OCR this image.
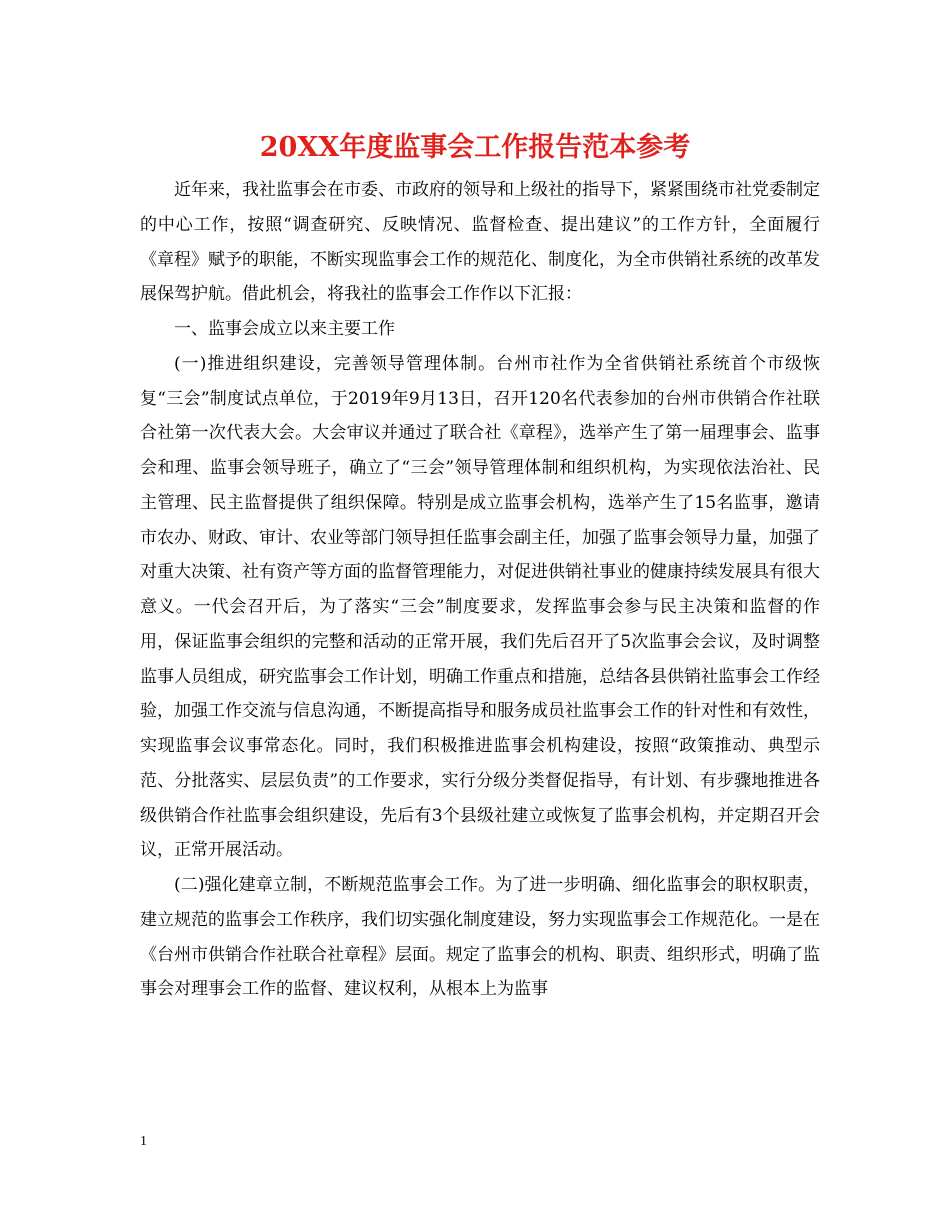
20XX年度监事会工作报告范本参考

近年来，我社监事会在市委、市政府的领导和上级社的指导下，紧紧围绕市社党委制定的中心工作，按照“调查研究、反映情况、监督检查、提出建议”的工作方针，全面履行《章程》赋予的职能，不断实现监事会工作的规范化、制度化，为全市供销社系统的改革发展保驾护航。借此机会，将我社的监事会工作作以下汇报：

一、监事会成立以来主要工作

(一)推进组织建设，完善领导管理体制。台州市社作为全省供销社系统首个市级恢复“三会”制度试点单位，于2019年9月13日，召开120名代表参加的台州市供销合作社联合社第一次代表大会。大会审议并通过了联合社《章程》，选举产生了第一届理事会、监事会和理、监事会领导班子，确立了“三会”领导管理体制和组织机构，为实现依法治社、民主管理、民主监督提供了组织保障。特别是成立监事会机构，选举产生了15名监事，邀请市农办、财政、审计、农业等部门领导担任监事会副主任，加强了监事会领导力量，加强了对重大决策、社有资产等方面的监督管理能力，对促进供销社事业的健康持续发展具有很大意义。一代会召开后，为了落实“三会”制度要求，发挥监事会参与民主决策和监督的作用，保证监事会组织的完整和活动的正常开展，我们先后召开了5次监事会会议，及时调整监事人员组成，研究监事会工作计划，明确工作重点和措施，总结各县供销社监事会工作经验，加强工作交流与信息沟通，不断提高指导和服务成员社监事会工作的针对性和有效性，实现监事会议事常态化。同时，我们积极推进监事会机构建设，按照“政策推动、典型示范、分批落实、层层负责”的工作要求，实行分级分类督促指导，有计划、有步骤地推进各级供销合作社监事会组织建设，先后有3个县级社建立或恢复了监事会机构，并定期召开会议，正常开展活动。

(二)强化建章立制，不断规范监事会工作。为了进一步明确、细化监事会的职权职责，建立规范的监事会工作秩序，我们切实强化制度建设，努力实现监事会工作规范化。一是在《台州市供销合作社联合社章程》层面。规定了监事会的机构、职责、组织形式，明确了监事会对理事会工作的监督、建议权利，从根本上为监事

1
